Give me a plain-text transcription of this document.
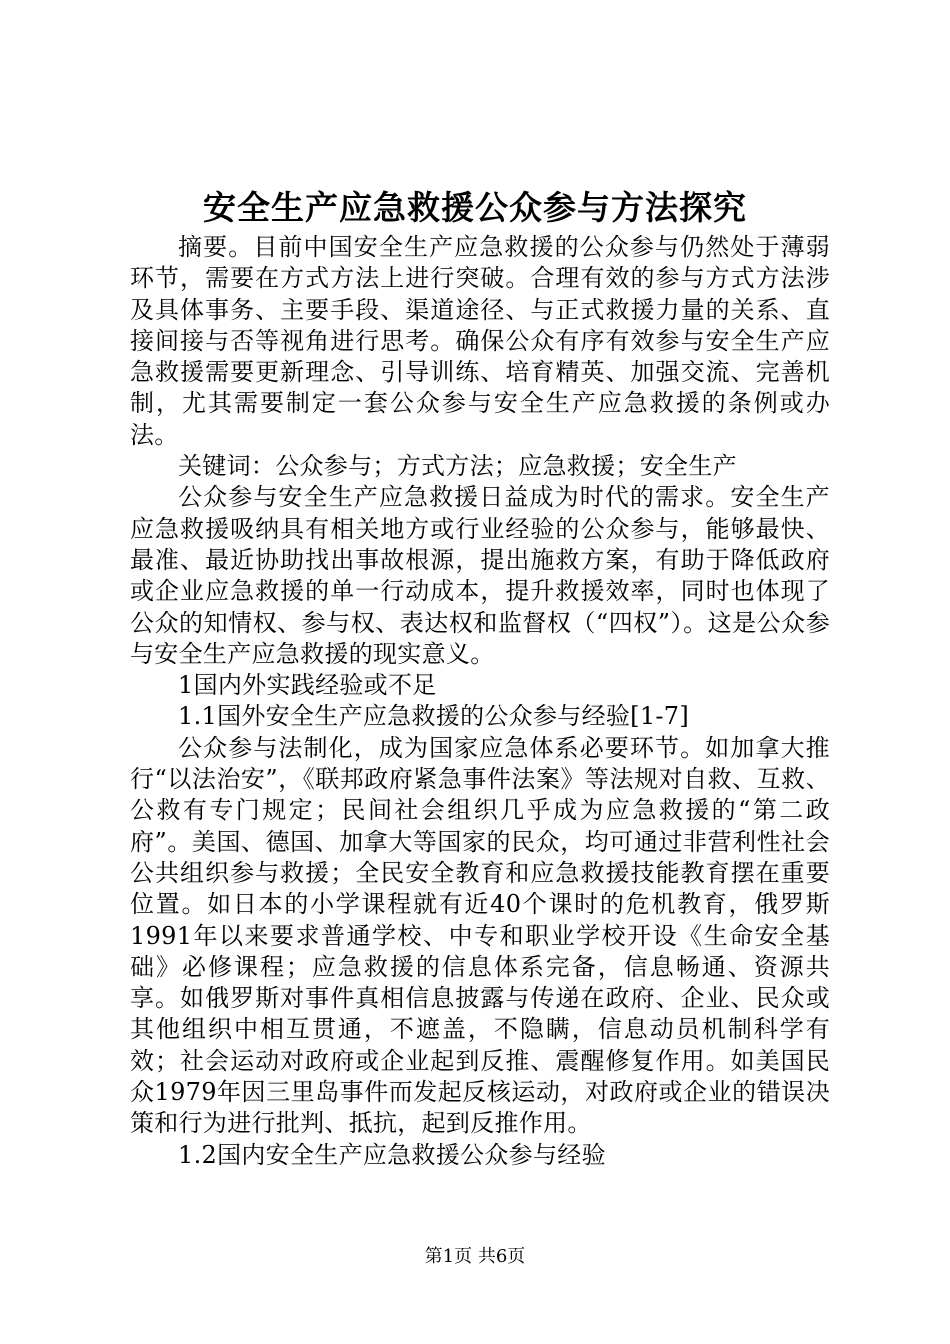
安全生产应急救援公众参与方法探究

摘要。目前中国安全生产应急救援的公众参与仍然处于薄弱环节，需要在方式方法上进行突破。合理有效的参与方式方法涉及具体事务、主要手段、渠道途径、与正式救援力量的关系、直接间接与否等视角进行思考。确保公众有序有效参与安全生产应急救援需要更新理念、引导训练、培育精英、加强交流、完善机制，尤其需要制定一套公众参与安全生产应急救援的条例或办法。

关键词：公众参与；方式方法；应急救援；安全生产

公众参与安全生产应急救援日益成为时代的需求。安全生产应急救援吸纳具有相关地方或行业经验的公众参与，能够最快、最准、最近协助找出事故根源，提出施救方案，有助于降低政府或企业应急救援的单一行动成本，提升救援效率，同时也体现了公众的知情权、参与权、表达权和监督权（“四权”）。这是公众参与安全生产应急救援的现实意义。

1国内外实践经验或不足

1.1国外安全生产应急救援的公众参与经验[1-7]

公众参与法制化，成为国家应急体系必要环节。如加拿大推行“以法治安”，《联邦政府紧急事件法案》等法规对自救、互救、公救有专门规定；民间社会组织几乎成为应急救援的“第二政府”。美国、德国、加拿大等国家的民众，均可通过非营利性社会公共组织参与救援；全民安全教育和应急救援技能教育摆在重要位置。如日本的小学课程就有近40个课时的危机教育，俄罗斯1991年以来要求普通学校、中专和职业学校开设《生命安全基础》必修课程；应急救援的信息体系完备，信息畅通、资源共享。如俄罗斯对事件真相信息披露与传递在政府、企业、民众或其他组织中相互贯通，不遮盖，不隐瞒，信息动员机制科学有效；社会运动对政府或企业起到反推、震醒修复作用。如美国民众1979年因三里岛事件而发起反核运动，对政府或企业的错误决策和行为进行批判、抵抗，起到反推作用。

1.2国内安全生产应急救援公众参与经验

第1页 共6页
